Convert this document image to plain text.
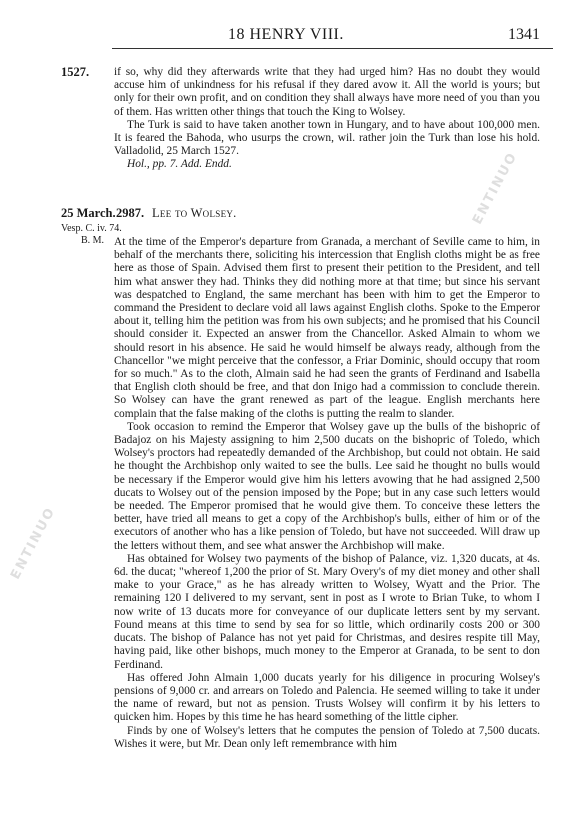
18 HENRY VIII.	1341
1527. if so, why did they afterwards write that they had urged him? Has no doubt they would accuse him of unkindness for his refusal if they dared avow it. All the world is yours; but only for their own profit, and on condition they shall always have more need of you than you of them. Has written other things that touch the King to Wolsey.

The Turk is said to have taken another town in Hungary, and to have about 100,000 men. It is feared the Bahoda, who usurps the crown, wil. rather join the Turk than lose his hold. Valladolid, 25 March 1527.

Hol., pp. 7. Add. Endd.

25 March. 2987. Lee to Wolsey.
Vesp. C. iv. 74.
B. M. At the time of the Emperor's departure from Granada, a merchant of Seville came to him, in behalf of the merchants there, soliciting his intercession that English cloths might be as free here as those of Spain. Advised them first to present their petition to the President, and tell him what answer they had. Thinks they did nothing more at that time; but since his servant was despatched to England, the same merchant has been with him to get the Emperor to command the President to declare void all laws against English cloths. Spoke to the Emperor about it, telling him the petition was from his own subjects; and he promised that his Council should consider it. Expected an answer from the Chancellor. Asked Almain to whom we should resort in his absence. He said he would himself be always ready, although from the Chancellor "we might perceive that the confessor, a Friar Dominic, should occupy that room for so much." As to the cloth, Almain said he had seen the grants of Ferdinand and Isabella that English cloth should be free, and that don Inigo had a commission to conclude therein. So Wolsey can have the grant renewed as part of the league. English merchants here complain that the false making of the cloths is putting the realm to slander.

Took occasion to remind the Emperor that Wolsey gave up the bulls of the bishopric of Badajoz on his Majesty assigning to him 2,500 ducats on the bishopric of Toledo, which Wolsey's proctors had repeatedly demanded of the Archbishop, but could not obtain. He said he thought the Archbishop only waited to see the bulls. Lee said he thought no bulls would be necessary if the Emperor would give him his letters avowing that he had assigned 2,500 ducats to Wolsey out of the pension imposed by the Pope; but in any case such letters would be needed. The Emperor promised that he would give them. To conceive these letters the better, have tried all means to get a copy of the Archbishop's bulls, either of him or of the executors of another who has a like pension of Toledo, but have not succeeded. Will draw up the letters without them, and see what answer the Archbishop will make.

Has obtained for Wolsey two payments of the bishop of Palance, viz. 1,320 ducats, at 4s. 6d. the ducat; "whereof 1,200 the prior of St. Mary Overy's of my diet money and other shall make to your Grace," as he has already written to Wolsey, Wyatt and the Prior. The remaining 120 I delivered to my servant, sent in post as I wrote to Brian Tuke, to whom I now write of 13 ducats more for conveyance of our duplicate letters sent by my servant. Found means at this time to send by sea for so little, which ordinarily costs 200 or 300 ducats. The bishop of Palance has not yet paid for Christmas, and desires respite till May, having paid, like other bishops, much money to the Emperor at Granada, to be sent to don Ferdinand.

Has offered John Almain 1,000 ducats yearly for his diligence in procuring Wolsey's pensions of 9,000 cr. and arrears on Toledo and Palencia. He seemed willing to take it under the name of reward, but not as pension. Trusts Wolsey will confirm it by his letters to quicken him. Hopes by this time he has heard something of the little cipher.

Finds by one of Wolsey's letters that he computes the pension of Toledo at 7,500 ducats. Wishes it were, but Mr. Dean only left remembrance with him

ENTINUO
ENTINUO
